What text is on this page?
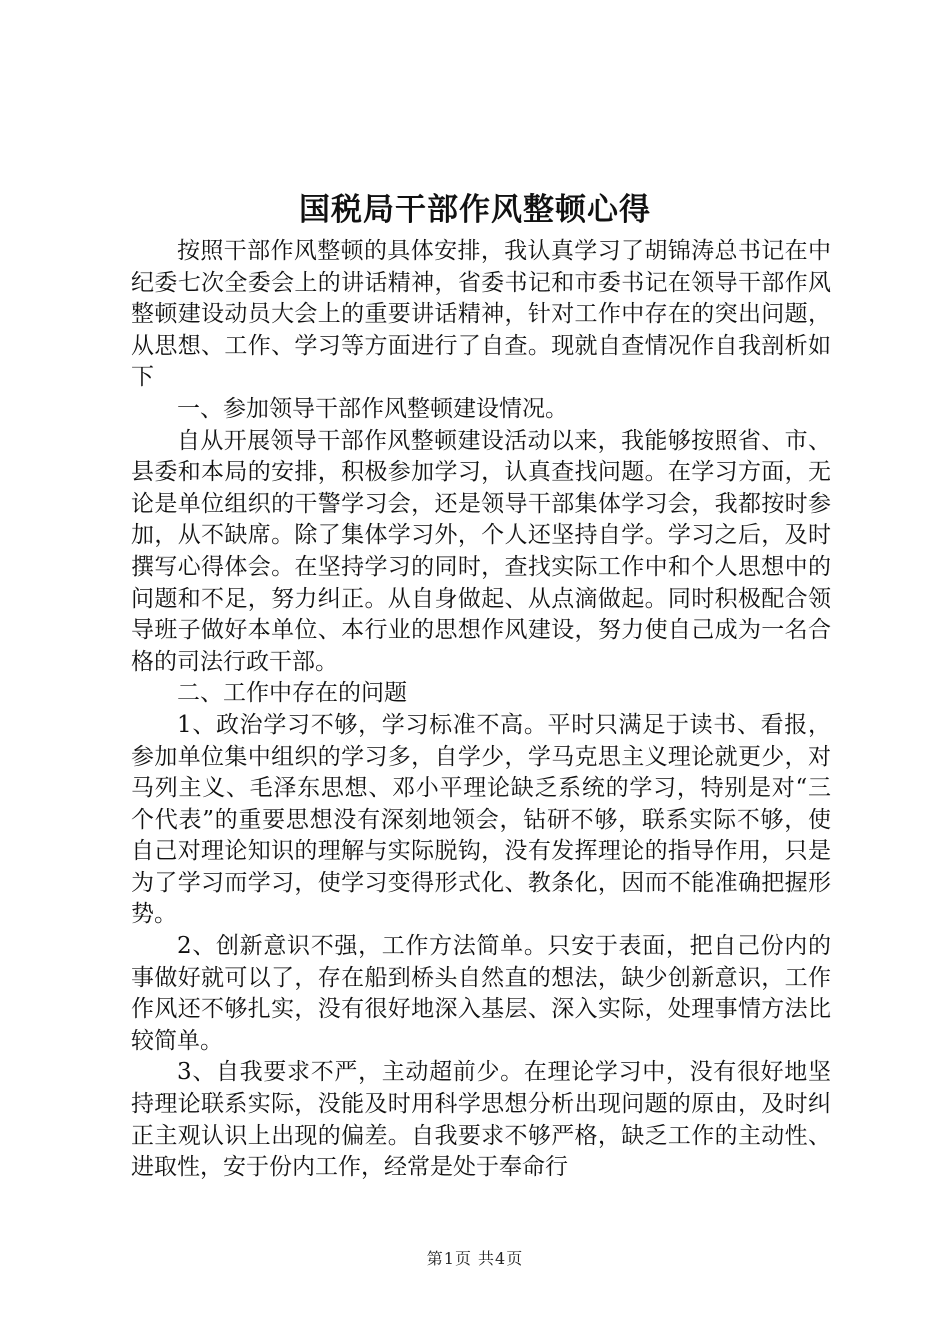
国税局干部作风整顿心得

按照干部作风整顿的具体安排，我认真学习了胡锦涛总书记在中纪委七次全委会上的讲话精神，省委书记和市委书记在领导干部作风整顿建设动员大会上的重要讲话精神，针对工作中存在的突出问题，从思想、工作、学习等方面进行了自查。现就自查情况作自我剖析如下

一、参加领导干部作风整顿建设情况。

自从开展领导干部作风整顿建设活动以来，我能够按照省、市、县委和本局的安排，积极参加学习，认真查找问题。在学习方面，无论是单位组织的干警学习会，还是领导干部集体学习会，我都按时参加，从不缺席。除了集体学习外，个人还坚持自学。学习之后，及时撰写心得体会。在坚持学习的同时，查找实际工作中和个人思想中的问题和不足，努力纠正。从自身做起、从点滴做起。同时积极配合领导班子做好本单位、本行业的思想作风建设，努力使自己成为一名合格的司法行政干部。

二、工作中存在的问题

1、政治学习不够，学习标准不高。平时只满足于读书、看报，参加单位集中组织的学习多，自学少，学马克思主义理论就更少，对马列主义、毛泽东思想、邓小平理论缺乏系统的学习，特别是对“三个代表”的重要思想没有深刻地领会，钻研不够，联系实际不够，使自己对理论知识的理解与实际脱钩，没有发挥理论的指导作用，只是为了学习而学习，使学习变得形式化、教条化，因而不能准确把握形势。

2、创新意识不强，工作方法简单。只安于表面，把自己份内的事做好就可以了，存在船到桥头自然直的想法，缺少创新意识，工作作风还不够扎实，没有很好地深入基层、深入实际，处理事情方法比较简单。

3、自我要求不严，主动超前少。在理论学习中，没有很好地坚持理论联系实际，没能及时用科学思想分析出现问题的原由，及时纠正主观认识上出现的偏差。自我要求不够严格，缺乏工作的主动性、进取性，安于份内工作，经常是处于奉命行

第1页 共4页
